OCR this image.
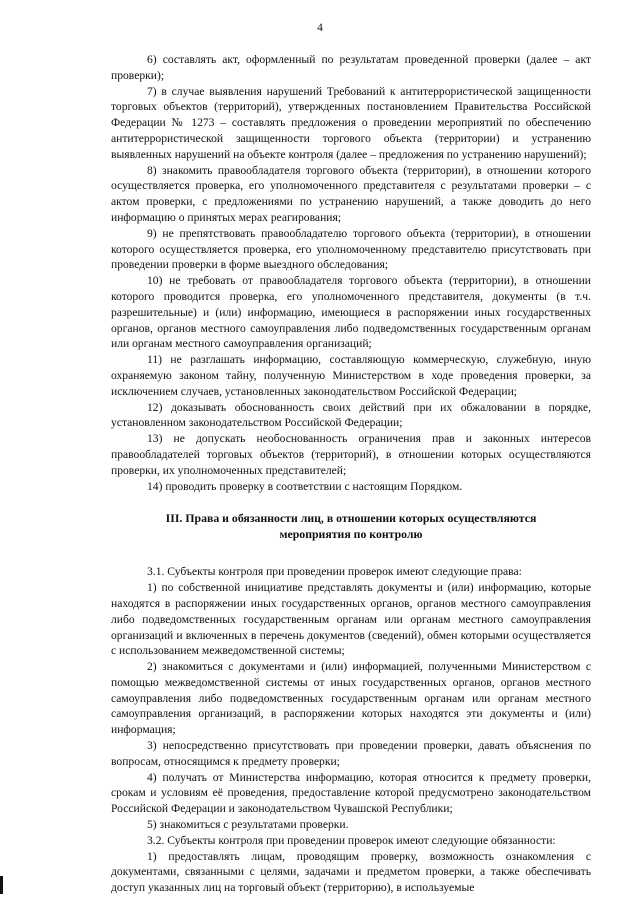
4

6) составлять акт, оформленный по результатам проведенной проверки (далее – акт проверки);

7) в случае выявления нарушений Требований к антитеррористической защищенности торговых объектов (территорий), утвержденных постановлением Правительства Российской Федерации № 1273 – составлять предложения о проведении мероприятий по обеспечению антитеррористической защищенности торгового объекта (территории) и устранению выявленных нарушений на объекте контроля (далее – предложения по устранению нарушений);

8) знакомить правообладателя торгового объекта (территории), в отношении которого осуществляется проверка, его уполномоченного представителя с результатами проверки – с актом проверки, с предложениями по устранению нарушений, а также доводить до него информацию о принятых мерах реагирования;

9) не препятствовать правообладателю торгового объекта (территории), в отношении которого осуществляется проверка, его уполномоченному представителю присутствовать при проведении проверки в форме выездного обследования;

10) не требовать от правообладателя торгового объекта (территории), в отношении которого проводится проверка, его уполномоченного представителя, документы (в т.ч. разрешительные) и (или) информацию, имеющиеся в распоряжении иных государственных органов, органов местного самоуправления либо подведомственных государственным органам или органам местного самоуправления организаций;

11) не разглашать информацию, составляющую коммерческую, служебную, иную охраняемую законом тайну, полученную Министерством в ходе проведения проверки, за исключением случаев, установленных законодательством Российской Федерации;

12) доказывать обоснованность своих действий при их обжаловании в порядке, установленном законодательством Российской Федерации;

13) не допускать необоснованность ограничения прав и законных интересов правообладателей торговых объектов (территорий), в отношении которых осуществляются проверки, их уполномоченных представителей;

14) проводить проверку в соответствии с настоящим Порядком.

III. Права и обязанности лиц, в отношении которых осуществляются
мероприятия по контролю

3.1. Субъекты контроля при проведении проверок имеют следующие права:

1) по собственной инициативе представлять документы и (или) информацию, которые находятся в распоряжении иных государственных органов, органов местного самоуправления либо подведомственных государственным органам или органам местного самоуправления организаций и включенных в перечень документов (сведений), обмен которыми осуществляется с использованием межведомственной системы;

2) знакомиться с документами и (или) информацией, полученными Министерством с помощью межведомственной системы от иных государственных органов, органов местного самоуправления либо подведомственных государственным органам или органам местного самоуправления организаций, в распоряжении которых находятся эти документы и (или) информация;

3) непосредственно присутствовать при проведении проверки, давать объяснения по вопросам, относящимся к предмету проверки;

4) получать от Министерства информацию, которая относится к предмету проверки, срокам и условиям её проведения, предоставление которой предусмотрено законодательством Российской Федерации и законодательством Чувашской Республики;

5) знакомиться с результатами проверки.

3.2. Субъекты контроля при проведении проверок имеют следующие обязанности:

1) предоставлять лицам, проводящим проверку, возможность ознакомления с документами, связанными с целями, задачами и предметом проверки, а также обеспечивать доступ указанных лиц на торговый объект (территорию), в используемые
